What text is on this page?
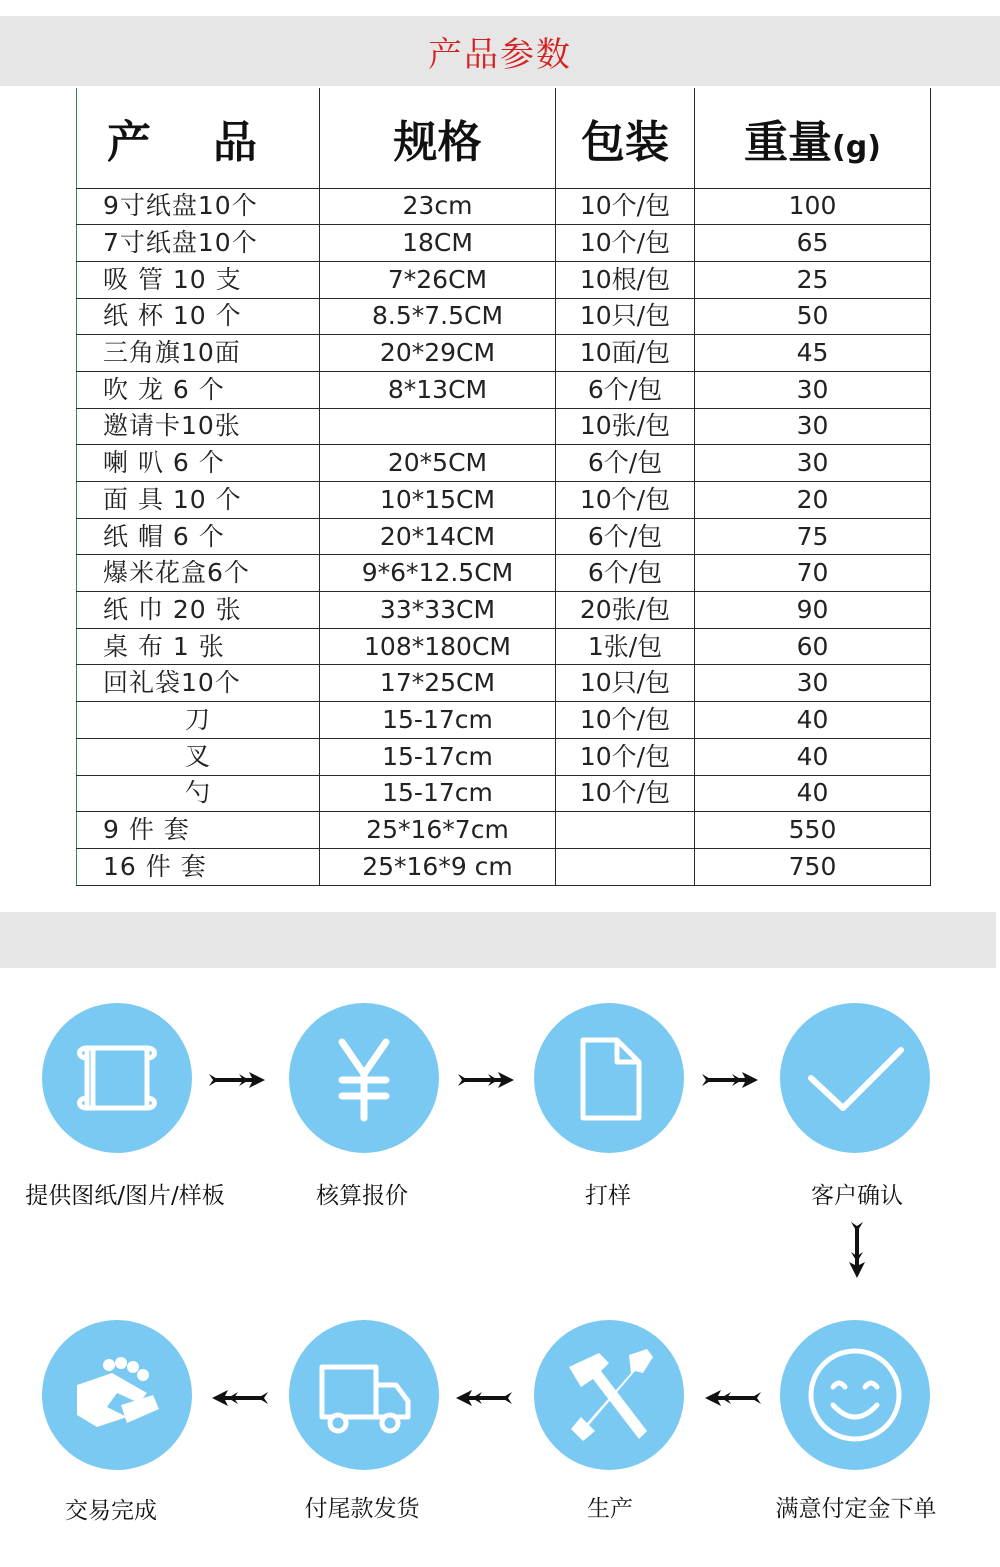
产品参数
产品	规格	包装	重量(g)
9寸纸盘10个	23cm	10个/包	100
7寸纸盘10个	18CM	10个/包	65
吸 管 10 支	7*26CM	10根/包	25
纸 杯 10 个	8.5*7.5CM	10只/包	50
三角旗10面	20*29CM	10面/包	45
吹 龙 6 个	8*13CM	6个/包	30
邀请卡10张		10张/包	30
喇 叭 6 个	20*5CM	6个/包	30
面 具 10 个	10*15CM	10个/包	20
纸 帽 6 个	20*14CM	6个/包	75
爆米花盒6个	9*6*12.5CM	6个/包	70
纸 巾 20 张	33*33CM	20张/包	90
桌 布 1 张	108*180CM	1张/包	60
回礼袋10个	17*25CM	10只/包	30
刀	15-17cm	10个/包	40
叉	15-17cm	10个/包	40
勺	15-17cm	10个/包	40
9 件 套	25*16*7cm		550
16 件 套	25*16*9 cm		750
提供图纸/图片/样板	核算报价	打样	客户确认
满意付定金下单
生产
付尾款发货
交易完成
